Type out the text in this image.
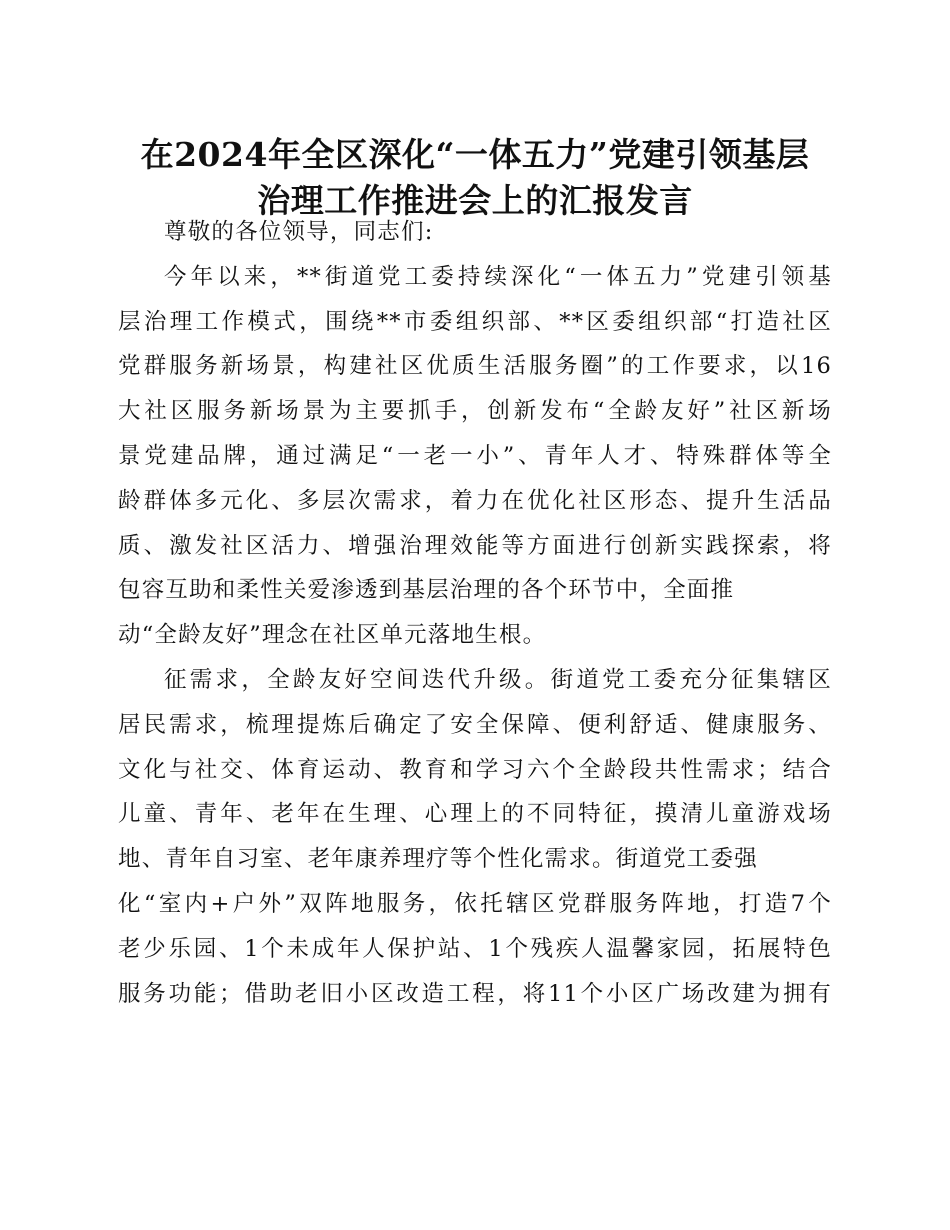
在2024年全区深化“一体五力”党建引领基层
治理工作推进会上的汇报发言
尊敬的各位领导，同志们:
今年以来，**街道党工委持续深化“一体五力”党建引领基
层治理工作模式，围绕**市委组织部、**区委组织部“打造社区
党群服务新场景，构建社区优质生活服务圈”的工作要求，以16
大社区服务新场景为主要抓手，创新发布“全龄友好”社区新场
景党建品牌，通过满足“一老一小”、青年人才、特殊群体等全
龄群体多元化、多层次需求，着力在优化社区形态、提升生活品
质、激发社区活力、增强治理效能等方面进行创新实践探索，将
包容互助和柔性关爱渗透到基层治理的各个环节中，全面推
动“全龄友好”理念在社区单元落地生根。
征需求，全龄友好空间迭代升级。街道党工委充分征集辖区
居民需求，梳理提炼后确定了安全保障、便利舒适、健康服务、
文化与社交、体育运动、教育和学习六个全龄段共性需求；结合
儿童、青年、老年在生理、心理上的不同特征，摸清儿童游戏场
地、青年自习室、老年康养理疗等个性化需求。街道党工委强
化“室内+户外”双阵地服务，依托辖区党群服务阵地，打造7个
老少乐园、1个未成年人保护站、1个残疾人温馨家园，拓展特色
服务功能；借助老旧小区改造工程，将11个小区广场改建为拥有
